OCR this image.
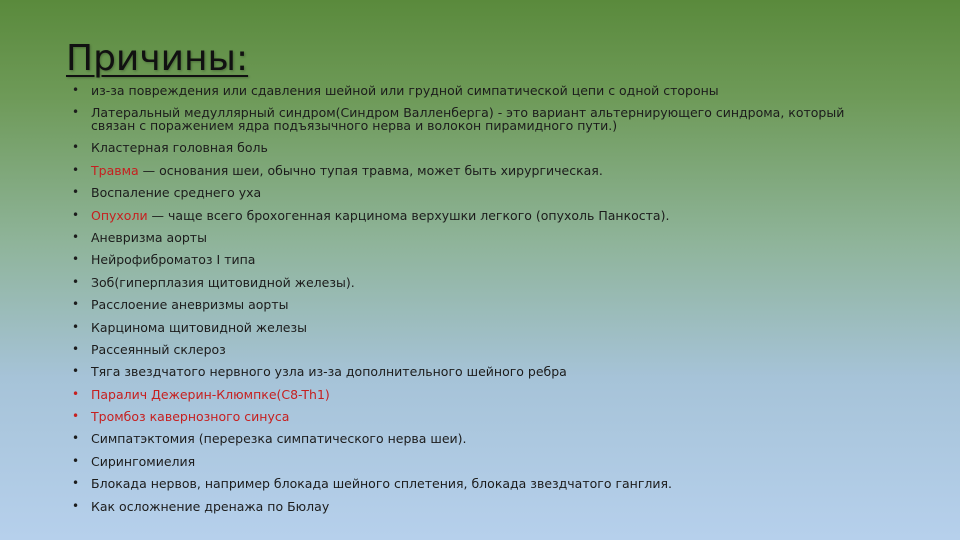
Причины:
• из-за повреждения или сдавления шейной или грудной симпатической цепи с одной стороны
• Латеральный медуллярный синдром(Синдром Валленберга) - это вариант альтернирующего синдрома, который связан с поражением ядра подъязычного нерва и волокон пирамидного пути.)
• Кластерная головная боль
• Травма — основания шеи, обычно тупая травма, может быть хирургическая.
• Воспаление среднего уха
• Опухоли — чаще всего брохогенная карцинома верхушки легкого (опухоль Панкоста).
• Аневризма аорты
• Нейрофиброматоз I типа
• Зоб(гиперплазия щитовидной железы).
• Расслоение аневризмы аорты
• Карцинома щитовидной железы
• Рассеянный склероз
• Тяга звездчатого нервного узла из-за дополнительного шейного ребра
• Паралич Дежерин-Клюмпке(C8-Th1)
• Тромбоз кавернозного синуса
• Симпатэктомия (перерезка симпатического нерва шеи).
• Сирингомиелия
• Блокада нервов, например блокада шейного сплетения, блокада звездчатого ганглия.
• Как осложнение дренажа по Бюлау
